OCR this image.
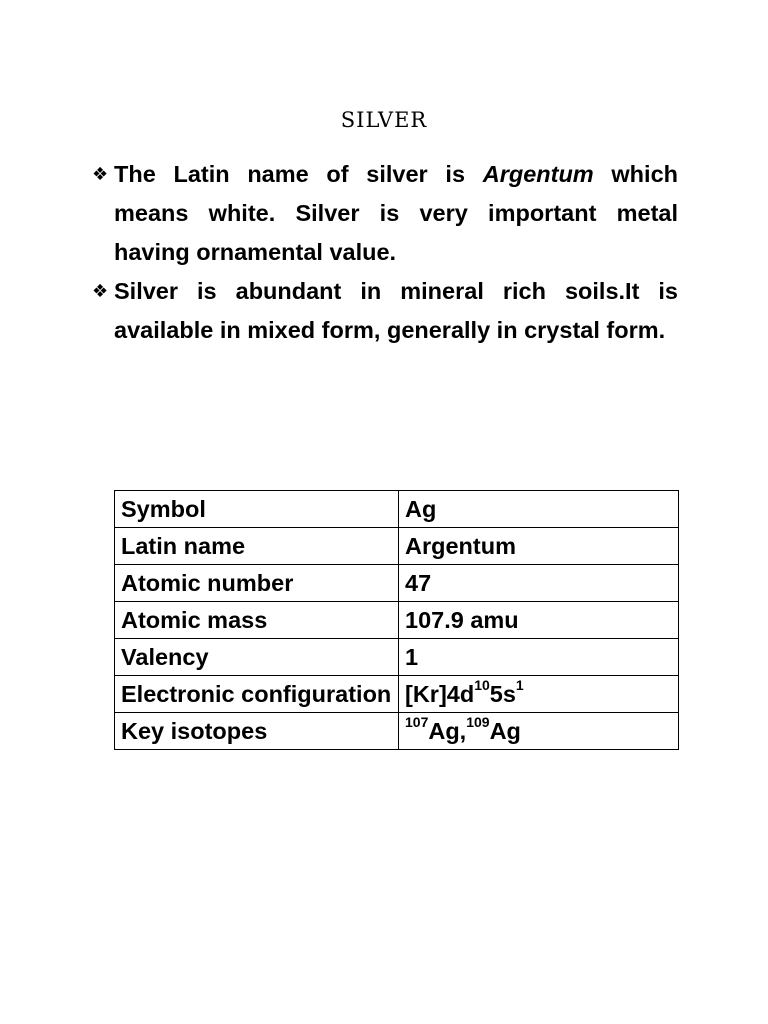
silver

❖ The Latin name of silver is Argentum which means white. Silver is very important metal having ornamental value.

❖ Silver is abundant in mineral rich soils.It is available in mixed form, generally in crystal form.

Symbol	Ag
Latin name	Argentum
Atomic number	47
Atomic mass	107.9 amu
Valency	1
Electronic configuration	$[Kr]4d^{10}5s^1$
Key isotopes	$^{107}$Ag,$^{109}$Ag
